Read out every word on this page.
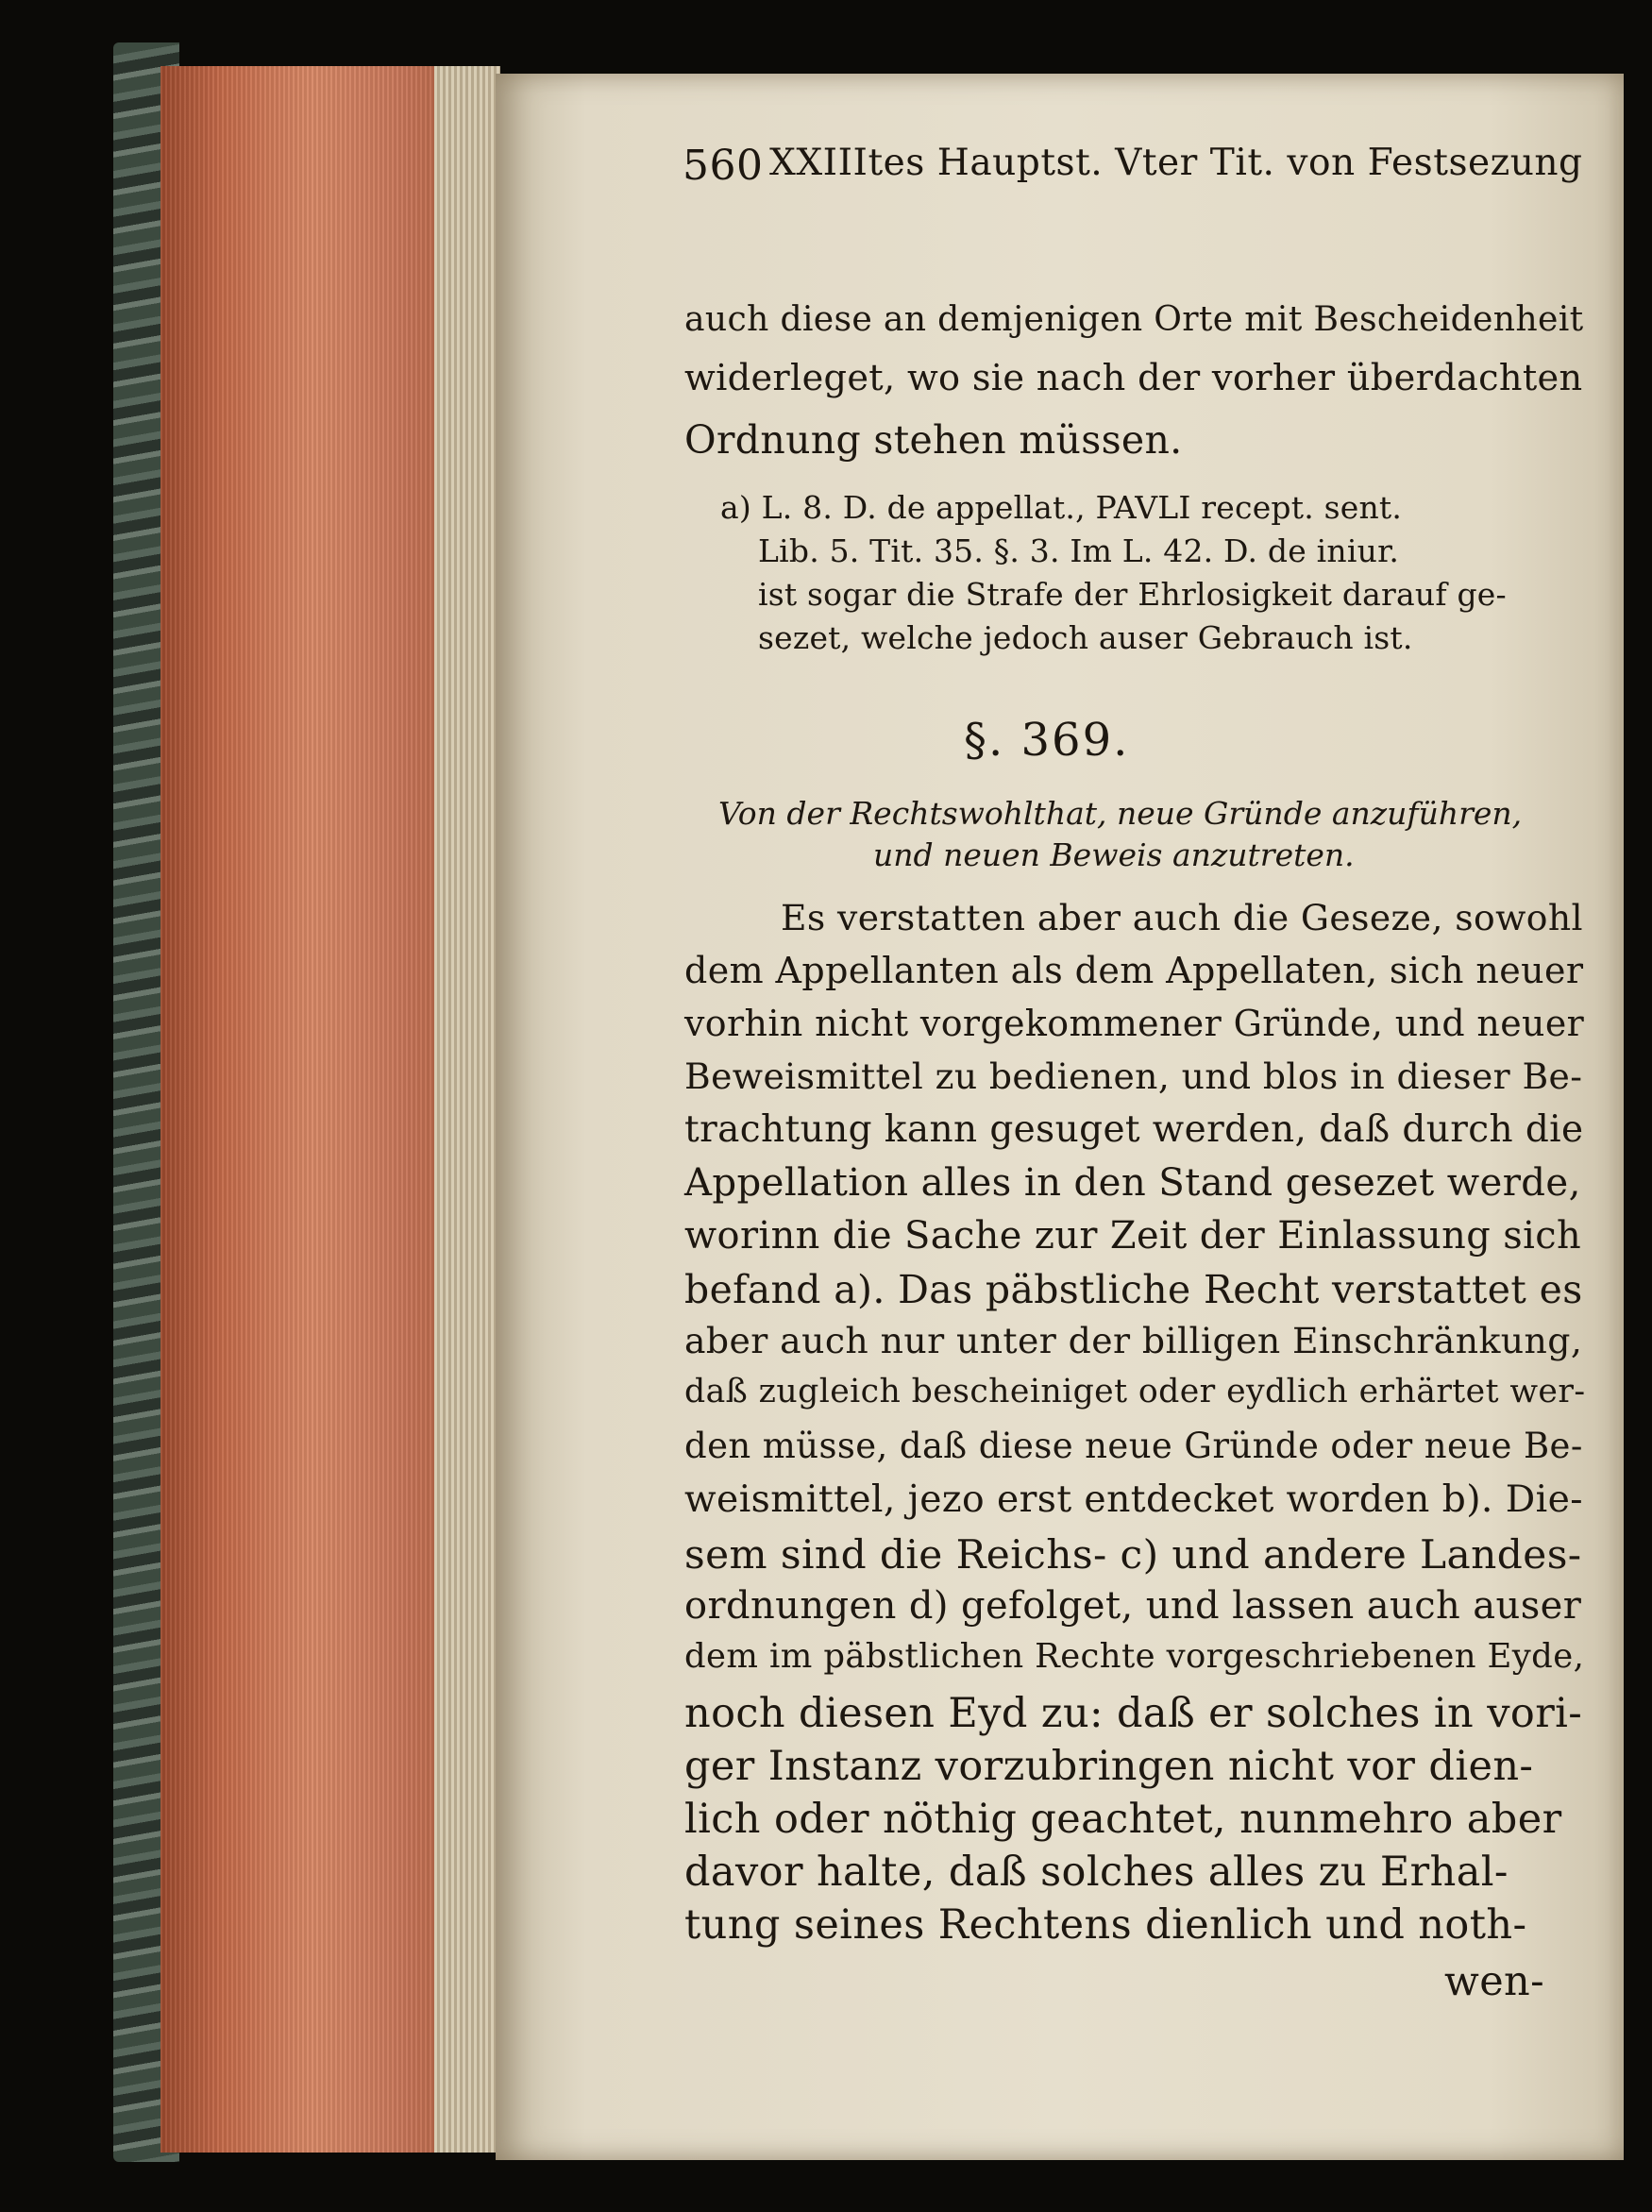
560 XXIIItes Hauptst. Vter Tit. von Festsezung
auch diese an demjenigen Orte mit Bescheidenheit
widerleget, wo sie nach der vorher überdachten
Ordnung stehen müssen.
a) L. 8. D. de appellat., PAVLI recept. sent.
Lib. 5. Tit. 35. §. 3. Im L. 42. D. de iniur.
ist sogar die Strafe der Ehrlosigkeit darauf ge-
sezet, welche jedoch auser Gebrauch ist.
§. 369.
Von der Rechtswohlthat, neue Gründe anzuführen,
und neuen Beweis anzutreten.
Es verstatten aber auch die Geseze, sowohl
dem Appellanten als dem Appellaten, sich neuer
vorhin nicht vorgekommener Gründe, und neuer
Beweismittel zu bedienen, und blos in dieser Be-
trachtung kann gesuget werden, daß durch die
Appellation alles in den Stand gesezet werde,
worinn die Sache zur Zeit der Einlassung sich
befand a). Das päbstliche Recht verstattet es
aber auch nur unter der billigen Einschränkung,
daß zugleich bescheiniget oder eydlich erhärtet wer-
den müsse, daß diese neue Gründe oder neue Be-
weismittel, jezo erst entdecket worden b). Die-
sem sind die Reichs- c) und andere Landes-
ordnungen d) gefolget, und lassen auch auser
dem im päbstlichen Rechte vorgeschriebenen Eyde,
noch diesen Eyd zu: daß er solches in vori-
ger Instanz vorzubringen nicht vor dien-
lich oder nöthig geachtet, nunmehro aber
davor halte, daß solches alles zu Erhal-
tung seines Rechtens dienlich und noth-
wen-
